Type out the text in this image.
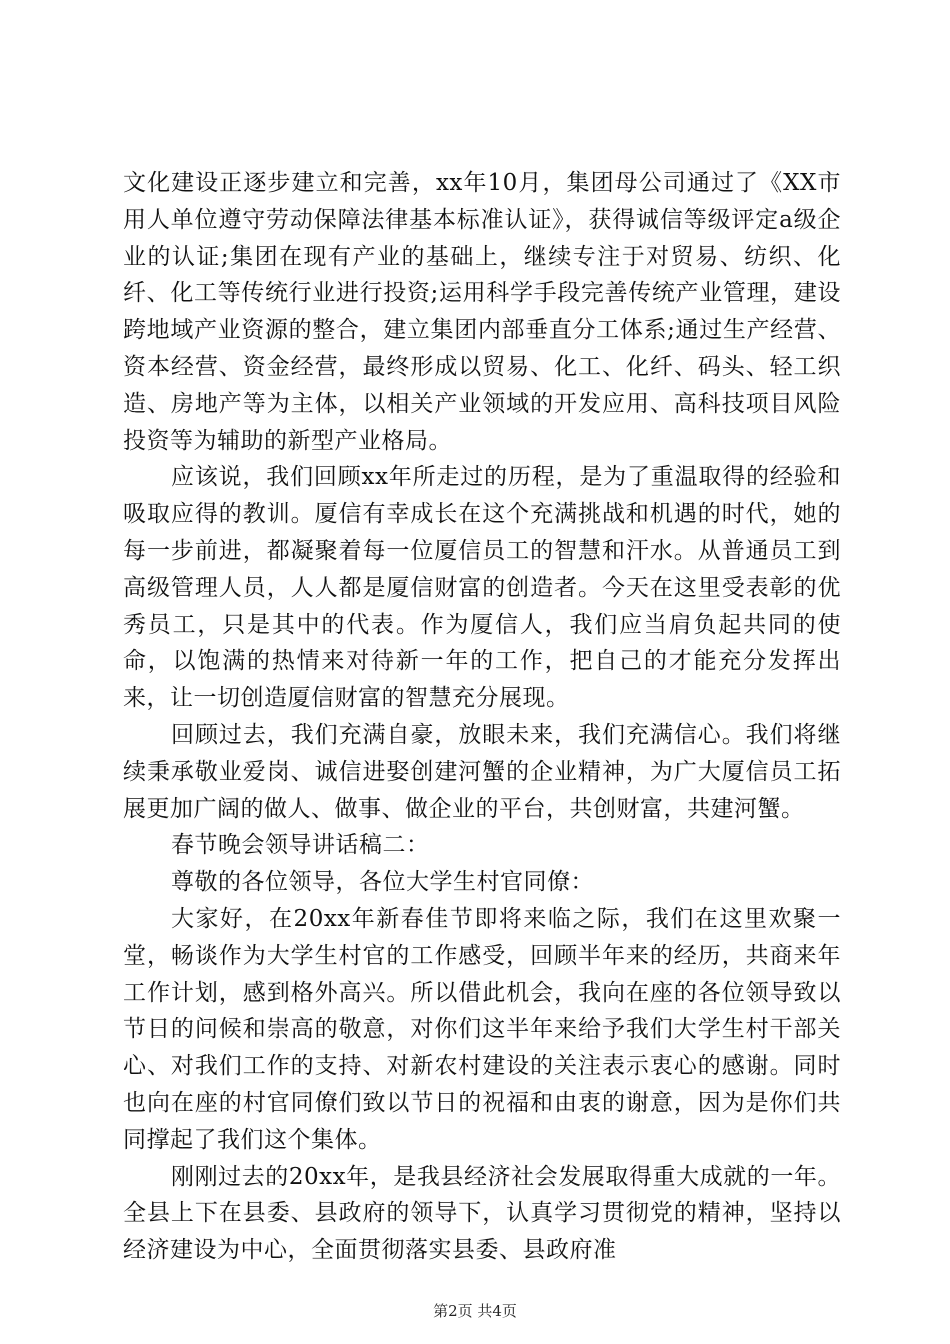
文化建设正逐步建立和完善，xx年10月，集团母公司通过了《XX市用人单位遵守劳动保障法律基本标准认证》，获得诚信等级评定a级企业的认证;集团在现有产业的基础上，继续专注于对贸易、纺织、化纤、化工等传统行业进行投资;运用科学手段完善传统产业管理，建设跨地域产业资源的整合，建立集团内部垂直分工体系;通过生产经营、资本经营、资金经营，最终形成以贸易、化工、化纤、码头、轻工织造、房地产等为主体，以相关产业领域的开发应用、高科技项目风险投资等为辅助的新型产业格局。

应该说，我们回顾xx年所走过的历程，是为了重温取得的经验和吸取应得的教训。厦信有幸成长在这个充满挑战和机遇的时代，她的每一步前进，都凝聚着每一位厦信员工的智慧和汗水。从普通员工到高级管理人员，人人都是厦信财富的创造者。今天在这里受表彰的优秀员工，只是其中的代表。作为厦信人，我们应当肩负起共同的使命，以饱满的热情来对待新一年的工作，把自己的才能充分发挥出来，让一切创造厦信财富的智慧充分展现。

回顾过去，我们充满自豪，放眼未来，我们充满信心。我们将继续秉承敬业爱岗、诚信进娶创建河蟹的企业精神，为广大厦信员工拓展更加广阔的做人、做事、做企业的平台，共创财富，共建河蟹。

春节晚会领导讲话稿二：

尊敬的各位领导，各位大学生村官同僚：

大家好，在20xx年新春佳节即将来临之际，我们在这里欢聚一堂，畅谈作为大学生村官的工作感受，回顾半年来的经历，共商来年工作计划，感到格外高兴。所以借此机会，我向在座的各位领导致以节日的问候和崇高的敬意，对你们这半年来给予我们大学生村干部关心、对我们工作的支持、对新农村建设的关注表示衷心的感谢。同时也向在座的村官同僚们致以节日的祝福和由衷的谢意，因为是你们共同撑起了我们这个集体。

刚刚过去的20xx年，是我县经济社会发展取得重大成就的一年。全县上下在县委、县政府的领导下，认真学习贯彻党的精神，坚持以经济建设为中心，全面贯彻落实县委、县政府准

第2页 共4页
